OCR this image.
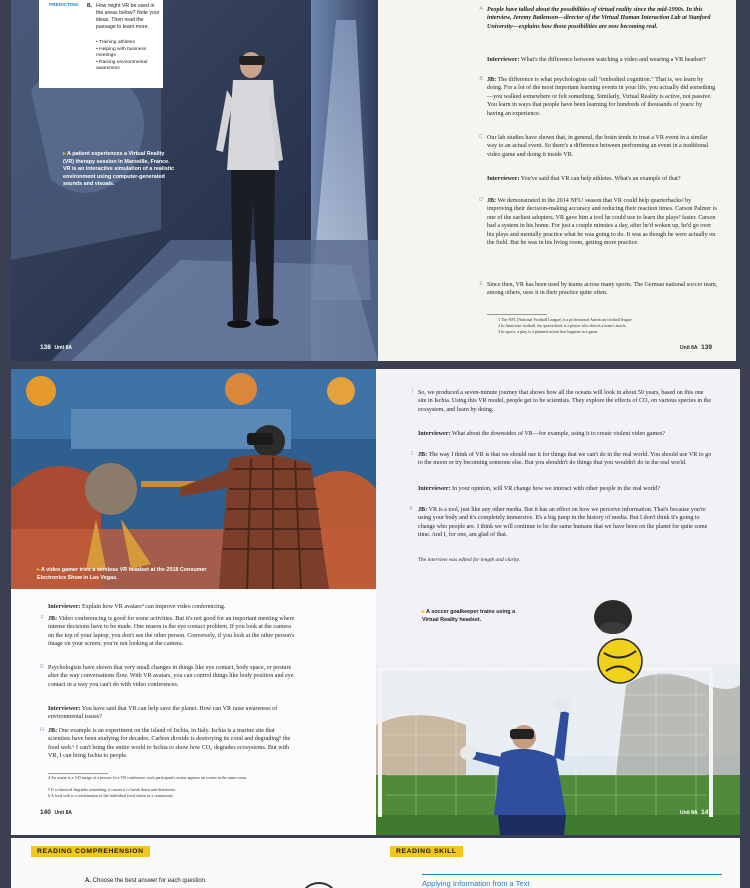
PREDICTING B. How might VR be used in the areas below? Note your ideas. Then read the passage to learn more.
• Training athletes
• Helping with business meetings
• Raising environmental awareness
▸ A patient experiences a Virtual Reality (VR) therapy session in Marseille, France. VR is an interactive simulation of a realistic environment using computer-generated sounds and visuals.
138 Unit 8A
A People have talked about the possibilities of virtual reality since the mid-1990s. In this interview, Jeremy Bailenson—director of the Virtual Human Interaction Lab at Stanford University—explains how those possibilities are now becoming real.
Interviewer: What's the difference between watching a video and wearing a VR headset?
B JB: The difference is what psychologists call "embodied cognition." That is, we learn by doing. For a lot of the most important learning events in your life, you actually did something—you walked somewhere or felt something. Similarly, Virtual Reality is active, not passive. You learn in ways that people have been learning for hundreds of thousands of years: by having an experience.
C Our lab studies have shown that, in general, the brain tends to treat a VR event in a similar way to an actual event. So there's a difference between performing an event in a traditional video game and doing it inside VR.
Interviewer: You've said that VR can help athletes. What's an example of that?
D JB: We demonstrated in the 2014 NFL¹ season that VR could help quarterbacks² by improving their decision-making accuracy and reducing their reaction times. Carson Palmer is one of the earliest adopters. VR gave him a tool he could use to learn the plays³ faster. Carson had a system in his home. For just a couple minutes a day, after he'd woken up, he'd go over his plays and mentally practice what he was going to do. It was as though he were actually on the field. But he was in his living room, getting more practice.
E Since then, VR has been used by teams across many sports. The German national soccer team, among others, uses it in their practice quite often.
1 The NFL (National Football League) is a professional American football league.
2 In American football, the quarterback is a player who directs a team's attack.
3 In sports, a play is a planned action that happens in a game.
Unit 8A 139
▸ A video gamer tries a wireless VR headset at the 2018 Consumer Electronics Show in Las Vegas.
Interviewer: Explain how VR avatars⁴ can improve video conferencing.
F JB: Video conferencing is good for some activities. But it's not good for an important meeting where intense decisions have to be made. One reason is the eye contact problem. If you look at the camera on the top of your laptop, you don't see the other person. Conversely, if you look at the other person's image on your screen, you're not looking at the camera.
G Psychologists have shown that very small changes in things like eye contact, body space, or posture alter the way conversations flow. With VR avatars, you can control things like body position and eye contact in a way you can't do with video conferences.
Interviewer: You have said that VR can help save the planet. How can VR raise awareness of environmental issues?
H JB: One example is an experiment on the island of Ischia, in Italy. Ischia is a marine site that scientists have been studying for decades. Carbon dioxide is destroying its coral and degrading⁵ the food web.⁶ I can't bring the entire world to Ischia to show how CO₂ degrades ecosystems. But with VR, I can bring Ischia to people.
4 An avatar is a 3-D image of a person. In a VR conference, each participant's avatar appears on screen in the same room.
5 If a chemical degrades something, it causes it to break down and deteriorate.
6 A food web is a combination of the individual food chains in a community.
140 Unit 8A
I So, we produced a seven-minute journey that shows how all the oceans will look in about 50 years, based on this one site in Ischia. Using this VR model, people get to be scientists. They explore the effects of CO₂ on various species in the ecosystem, and learn by doing.
Interviewer: What about the downsides of VR—for example, using it to create violent video games?
J JB: The way I think of VR is that we should use it for things that we can't do in the real world. You should use VR to go to the moon or try becoming someone else. But you shouldn't do things that you wouldn't do in the real world.
Interviewer: In your opinion, will VR change how we interact with other people in the real world?
K JB: VR is a tool, just like any other media. But it has an effect on how we perceive information. That's because you're using your body and it's completely immersive. It's a big jump in the history of media. But I don't think it's going to change who people are. I think we will continue to be the same humans that we have been on the planet for quite some time. And I, for one, am glad of that.
The interview was edited for length and clarity.
▸ A soccer goalkeeper trains using a Virtual Reality headset.
Unit 8A 141
READING COMPREHENSION
A. Choose the best answer for each question.
READING SKILL
Applying Information from a Text
